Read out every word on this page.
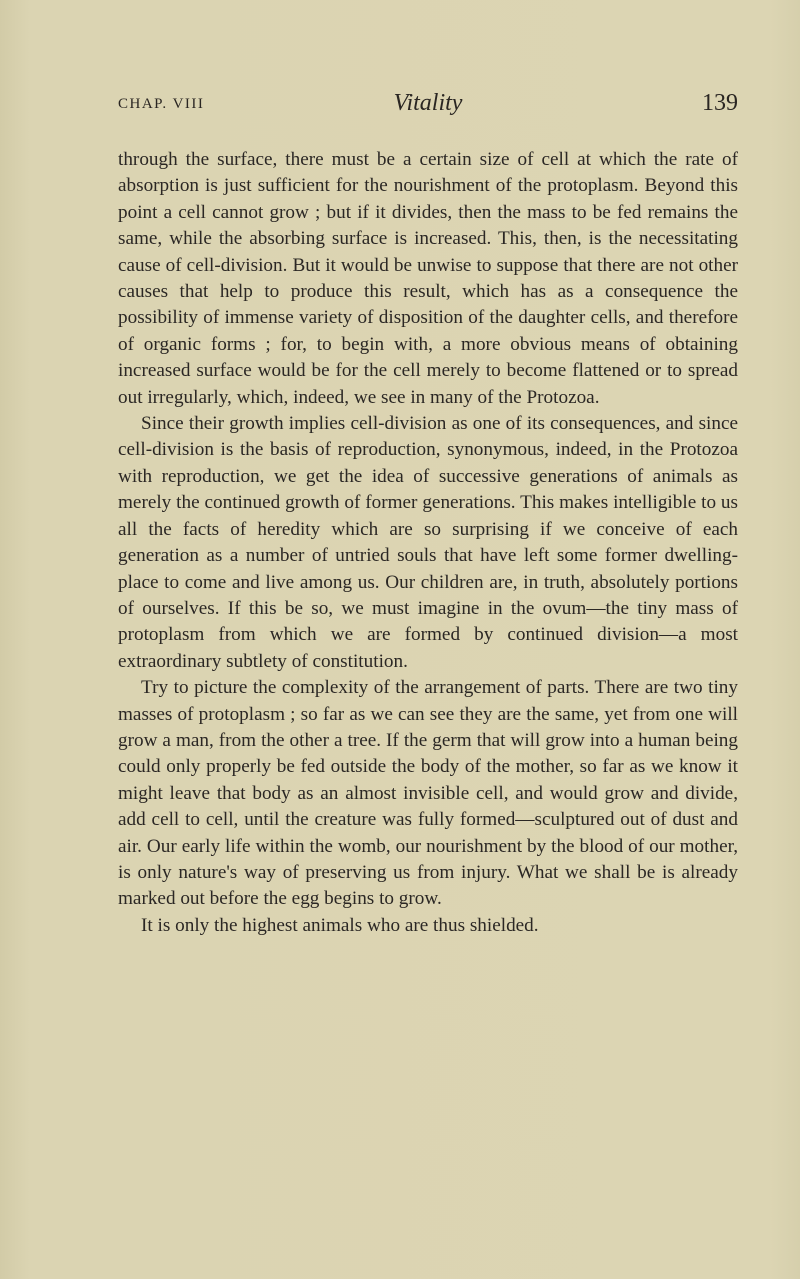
CHAP. VIII	Vitality	139

through the surface, there must be a certain size of cell at which the rate of absorption is just sufficient for the nourishment of the protoplasm. Beyond this point a cell cannot grow ; but if it divides, then the mass to be fed remains the same, while the absorbing surface is increased. This, then, is the necessitating cause of cell-division. But it would be unwise to suppose that there are not other causes that help to produce this result, which has as a consequence the possibility of immense variety of disposition of the daughter cells, and therefore of organic forms ; for, to begin with, a more obvious means of obtaining increased surface would be for the cell merely to become flattened or to spread out irregularly, which, indeed, we see in many of the Protozoa.

Since their growth implies cell-division as one of its consequences, and since cell-division is the basis of reproduction, synonymous, indeed, in the Protozoa with reproduction, we get the idea of successive generations of animals as merely the continued growth of former generations. This makes intelligible to us all the facts of heredity which are so surprising if we conceive of each generation as a number of untried souls that have left some former dwelling-place to come and live among us. Our children are, in truth, absolutely portions of ourselves. If this be so, we must imagine in the ovum—the tiny mass of protoplasm from which we are formed by continued division—a most extraordinary subtlety of constitution.

Try to picture the complexity of the arrangement of parts. There are two tiny masses of protoplasm ; so far as we can see they are the same, yet from one will grow a man, from the other a tree. If the germ that will grow into a human being could only properly be fed outside the body of the mother, so far as we know it might leave that body as an almost invisible cell, and would grow and divide, add cell to cell, until the creature was fully formed—sculptured out of dust and air. Our early life within the womb, our nourishment by the blood of our mother, is only nature's way of preserving us from injury. What we shall be is already marked out before the egg begins to grow.

It is only the highest animals who are thus shielded.
